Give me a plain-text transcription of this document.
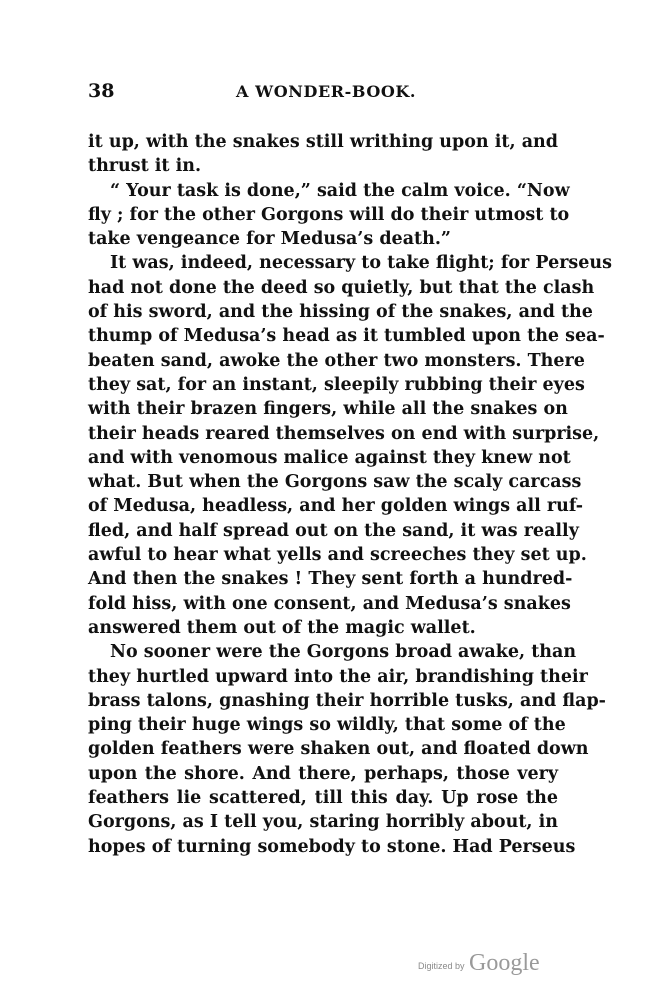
38	A WONDER-BOOK.
it up, with the snakes still writhing upon it, and
thrust it in.
“ Your task is done,” said the calm voice. “Now
fly ; for the other Gorgons will do their utmost to
take vengeance for Medusa’s death.”
It was, indeed, necessary to take flight; for Perseus
had not done the deed so quietly, but that the clash
of his sword, and the hissing of the snakes, and the
thump of Medusa’s head as it tumbled upon the sea-
beaten sand, awoke the other two monsters. There
they sat, for an instant, sleepily rubbing their eyes
with their brazen fingers, while all the snakes on
their heads reared themselves on end with surprise,
and with venomous malice against they knew not
what. But when the Gorgons saw the scaly carcass
of Medusa, headless, and her golden wings all ruf-
fled, and half spread out on the sand, it was really
awful to hear what yells and screeches they set up.
And then the snakes ! They sent forth a hundred-
fold hiss, with one consent, and Medusa’s snakes
answered them out of the magic wallet.
No sooner were the Gorgons broad awake, than
they hurtled upward into the air, brandishing their
brass talons, gnashing their horrible tusks, and flap-
ping their huge wings so wildly, that some of the
golden feathers were shaken out, and floated down
upon the shore. And there, perhaps, those very
feathers lie scattered, till this day. Up rose the
Gorgons, as I tell you, staring horribly about, in
hopes of turning somebody to stone. Had Perseus
Digitized by Google
